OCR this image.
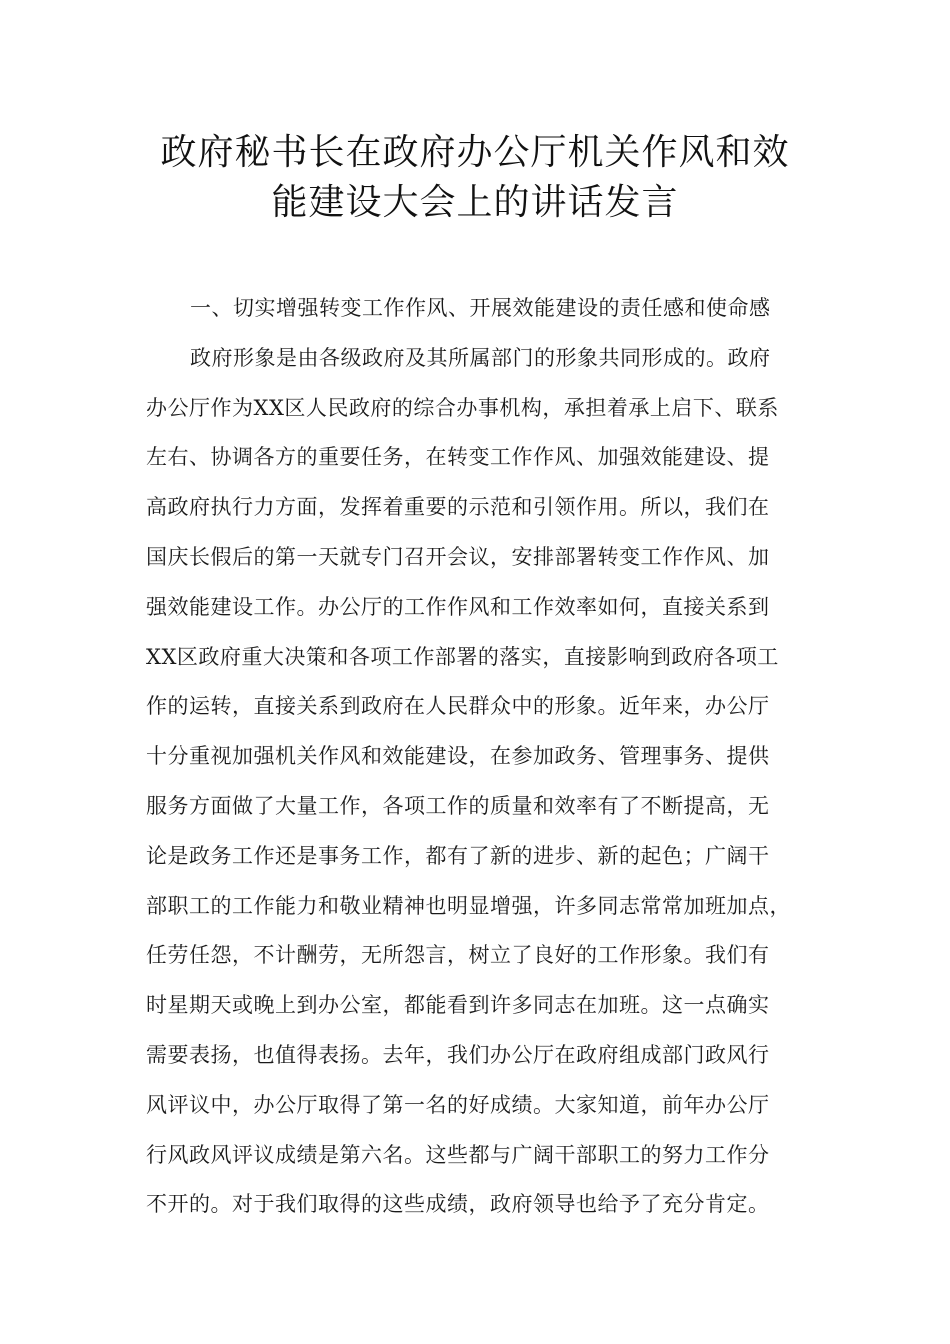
政府秘书长在政府办公厅机关作风和效
能建设大会上的讲话发言
一、切实增强转变工作作风、开展效能建设的责任感和使命感
政府形象是由各级政府及其所属部门的形象共同形成的。政府
办公厅作为XX区人民政府的综合办事机构，承担着承上启下、联系
左右、协调各方的重要任务，在转变工作作风、加强效能建设、提
高政府执行力方面，发挥着重要的示范和引领作用。所以，我们在
国庆长假后的第一天就专门召开会议，安排部署转变工作作风、加
强效能建设工作。办公厅的工作作风和工作效率如何，直接关系到
XX区政府重大决策和各项工作部署的落实，直接影响到政府各项工
作的运转，直接关系到政府在人民群众中的形象。近年来，办公厅
十分重视加强机关作风和效能建设，在参加政务、管理事务、提供
服务方面做了大量工作，各项工作的质量和效率有了不断提高，无
论是政务工作还是事务工作，都有了新的进步、新的起色；广阔干
部职工的工作能力和敬业精神也明显增强，许多同志常常加班加点，
任劳任怨，不计酬劳，无所怨言，树立了良好的工作形象。我们有
时星期天或晚上到办公室，都能看到许多同志在加班。这一点确实
需要表扬，也值得表扬。去年，我们办公厅在政府组成部门政风行
风评议中，办公厅取得了第一名的好成绩。大家知道，前年办公厅
行风政风评议成绩是第六名。这些都与广阔干部职工的努力工作分
不开的。对于我们取得的这些成绩，政府领导也给予了充分肯定。
